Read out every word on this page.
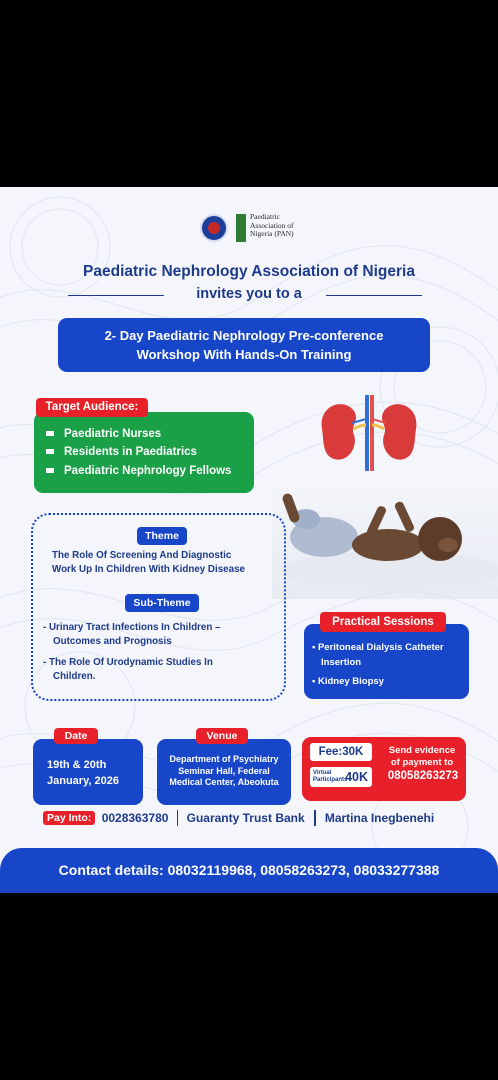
Paediatric
Association of
Nigeria (PAN)
Paediatric Nephrology Association of Nigeria
invites you to a
2- Day Paediatric Nephrology Pre-conference
Workshop With Hands-On Training
Paediatric Nurses
Residents in Paediatrics
Paediatric Nephrology Fellows
Target Audience:
Theme
The Role Of Screening And Diagnostic
Work Up In Children With Kidney Disease
Sub-Theme
- Urinary Tract Infections In Children –
Outcomes and Prognosis
- The Role Of Urodynamic Studies In
Children.
• Peritoneal Dialysis Catheter
Insertion
• Kidney Biopsy
Practical Sessions
19th & 20th
January, 2026
Date
Department of Psychiatry
Seminar Hall, Federal
Medical Center, Abeokuta
Venue
Fee:30K
Virtual
Participants
40K
Send evidence
of payment to
08058263273
Pay Into: 0028363780 Guaranty Trust Bank Martina Inegbenehi
Contact details: 08032119968, 08058263273, 08033277388
